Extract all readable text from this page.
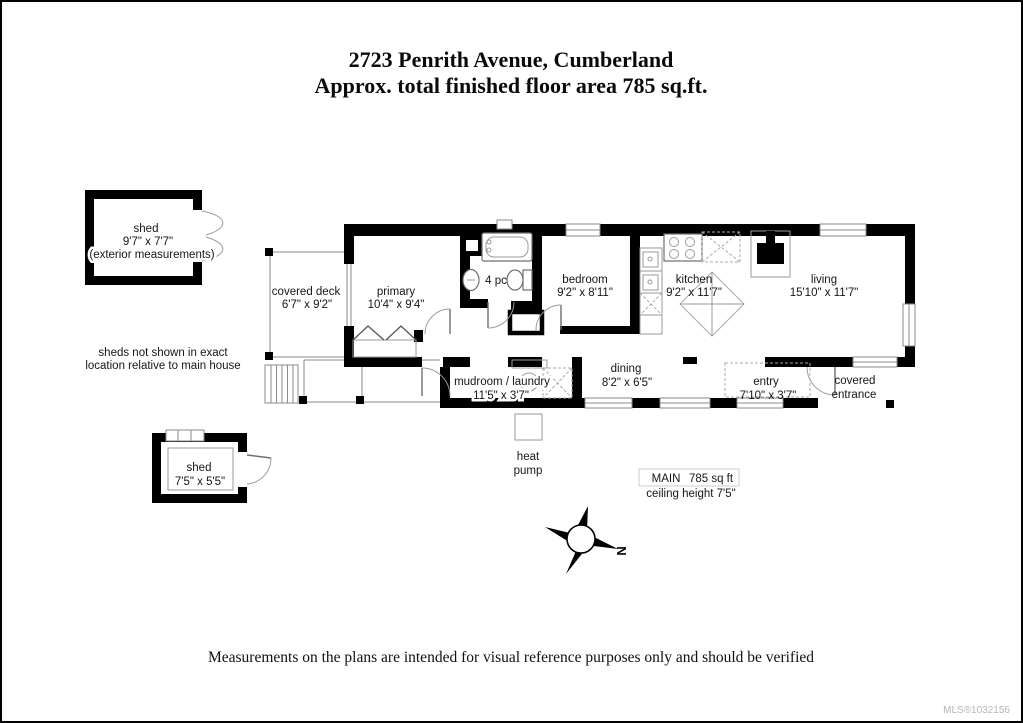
2723 Penrith Avenue, Cumberland
Approx. total finished floor area 785 sq.ft.
shed
9'7" x 7'7"
(exterior measurements)
sheds not shown in exact
location relative to main house
shed
7'5" x 5'5"
covered deck
6'7" x 9'2"
primary
10'4" x 9'4"
4 pc	bedroom
9'2" x 8'11"
kitchen
9'2" x 11'7"
living
15'10" x 11'7"
mudroom / laundry
11'5" x 3'7"
dining
8'2" x 6'5"	entry
7'10" x 3'7"
covered
entrance
heat
pump
MAIN 785 sq ft
ceiling height 7'5"
N
Measurements on the plans are intended for visual reference purposes only and should be verified
MLS®1032156
